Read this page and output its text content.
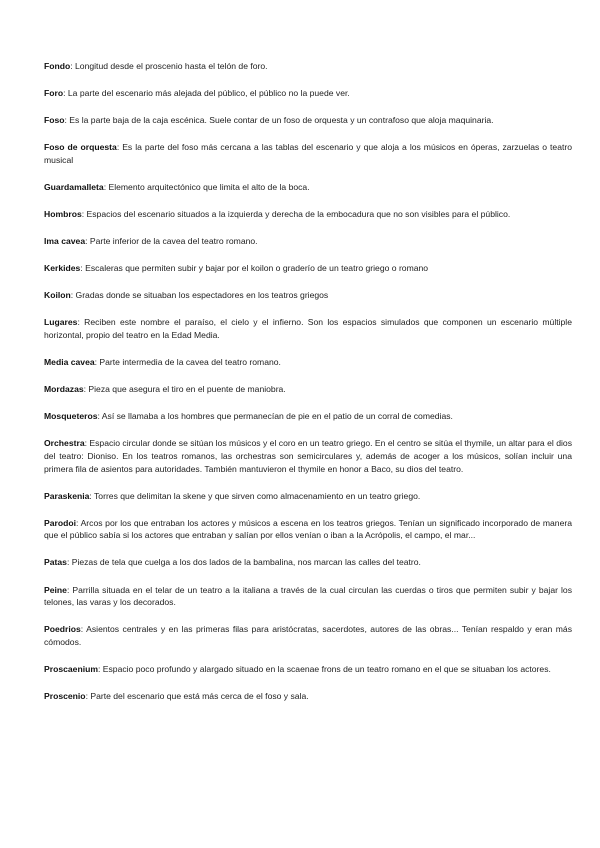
Fondo: Longitud desde el proscenio hasta el telón de foro.

Foro: La parte del escenario más alejada del público, el público no la puede ver.

Foso: Es la parte baja de la caja escénica. Suele contar de un foso de orquesta y un contrafoso que aloja maquinaria.

Foso de orquesta: Es la parte del foso más cercana a las tablas del escenario y que aloja a los músicos en óperas, zarzuelas o teatro musical

Guardamalleta: Elemento arquitectónico que limita el alto de la boca.

Hombros: Espacios del escenario situados a la izquierda y derecha de la embocadura que no son visibles para el público.

Ima cavea: Parte inferior de la cavea del teatro romano.

Kerkides: Escaleras que permiten subir y bajar por el koilon o graderío de un teatro griego o romano

Koilon: Gradas donde se situaban los espectadores en los teatros griegos

Lugares: Reciben este nombre el paraíso, el cielo y el infierno. Son los espacios simulados que componen un escenario múltiple horizontal, propio del teatro en la Edad Media.

Media cavea: Parte intermedia de la cavea del teatro romano.

Mordazas: Pieza que asegura el tiro en el puente de maniobra.

Mosqueteros: Así se llamaba a los hombres que permanecían de pie en el patio de un corral de comedias.

Orchestra: Espacio circular donde se sitúan los músicos y el coro en un teatro griego. En el centro se sitúa el thymile, un altar para el dios del teatro: Dioniso. En los teatros romanos, las orchestras son semicirculares y, además de acoger a los músicos, solían incluir una primera fila de asientos para autoridades. También mantuvieron el thymile en honor a Baco, su dios del teatro.

Paraskenia: Torres que delimitan la skene y que sirven como almacenamiento en un teatro griego.

Parodoi: Arcos por los que entraban los actores y músicos a escena en los teatros griegos. Tenían un significado incorporado de manera que el público sabía si los actores que entraban y salían por ellos venían o iban a la Acrópolis, el campo, el mar...

Patas: Piezas de tela que cuelga a los dos lados de la bambalina, nos marcan las calles del teatro.

Peine: Parrilla situada en el telar de un teatro a la italiana a través de la cual circulan las cuerdas o tiros que permiten subir y bajar los telones, las varas y los decorados.

Poedrios: Asientos centrales y en las primeras filas para aristócratas, sacerdotes, autores de las obras... Tenían respaldo y eran más cómodos.

Proscaenium: Espacio poco profundo y alargado situado en la scaenae frons de un teatro romano en el que se situaban los actores.

Proscenio: Parte del escenario que está más cerca de el foso y sala.
